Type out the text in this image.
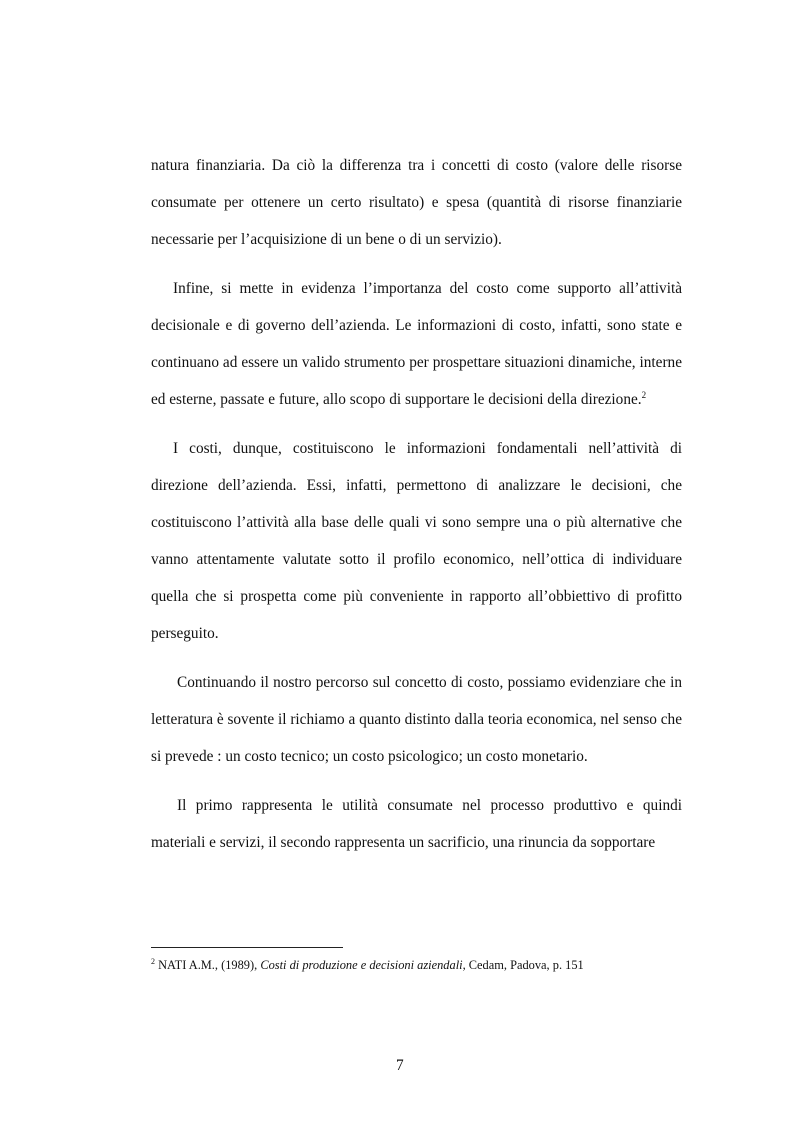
natura finanziaria. Da ciò la differenza tra i concetti di costo (valore delle risorse consumate per ottenere un certo risultato) e spesa (quantità di risorse finanziarie necessarie per l’acquisizione di un bene o di un servizio).

Infine, si mette in evidenza l’importanza del costo come supporto all’attività decisionale e di governo dell’azienda. Le informazioni di costo, infatti, sono state e continuano ad essere un valido strumento per prospettare situazioni dinamiche, interne ed esterne, passate e future, allo scopo di supportare le decisioni della direzione.$^2$

I costi, dunque, costituiscono le informazioni fondamentali nell’attività di direzione dell’azienda. Essi, infatti, permettono di analizzare le decisioni, che costituiscono l’attività alla base delle quali vi sono sempre una o più alternative che vanno attentamente valutate sotto il profilo economico, nell’ottica di individuare quella che si prospetta come più conveniente in rapporto all’obbiettivo di profitto perseguito.

Continuando il nostro percorso sul concetto di costo, possiamo evidenziare che in letteratura è sovente il richiamo a quanto distinto dalla teoria economica, nel senso che si prevede : un costo tecnico; un costo psicologico; un costo monetario.

Il primo rappresenta le utilità consumate nel processo produttivo e quindi materiali e servizi, il secondo rappresenta un sacrificio, una rinuncia da sopportare

$^2$ NATI A.M., (1989), Costi di produzione e decisioni aziendali, Cedam, Padova, p. 151
7
